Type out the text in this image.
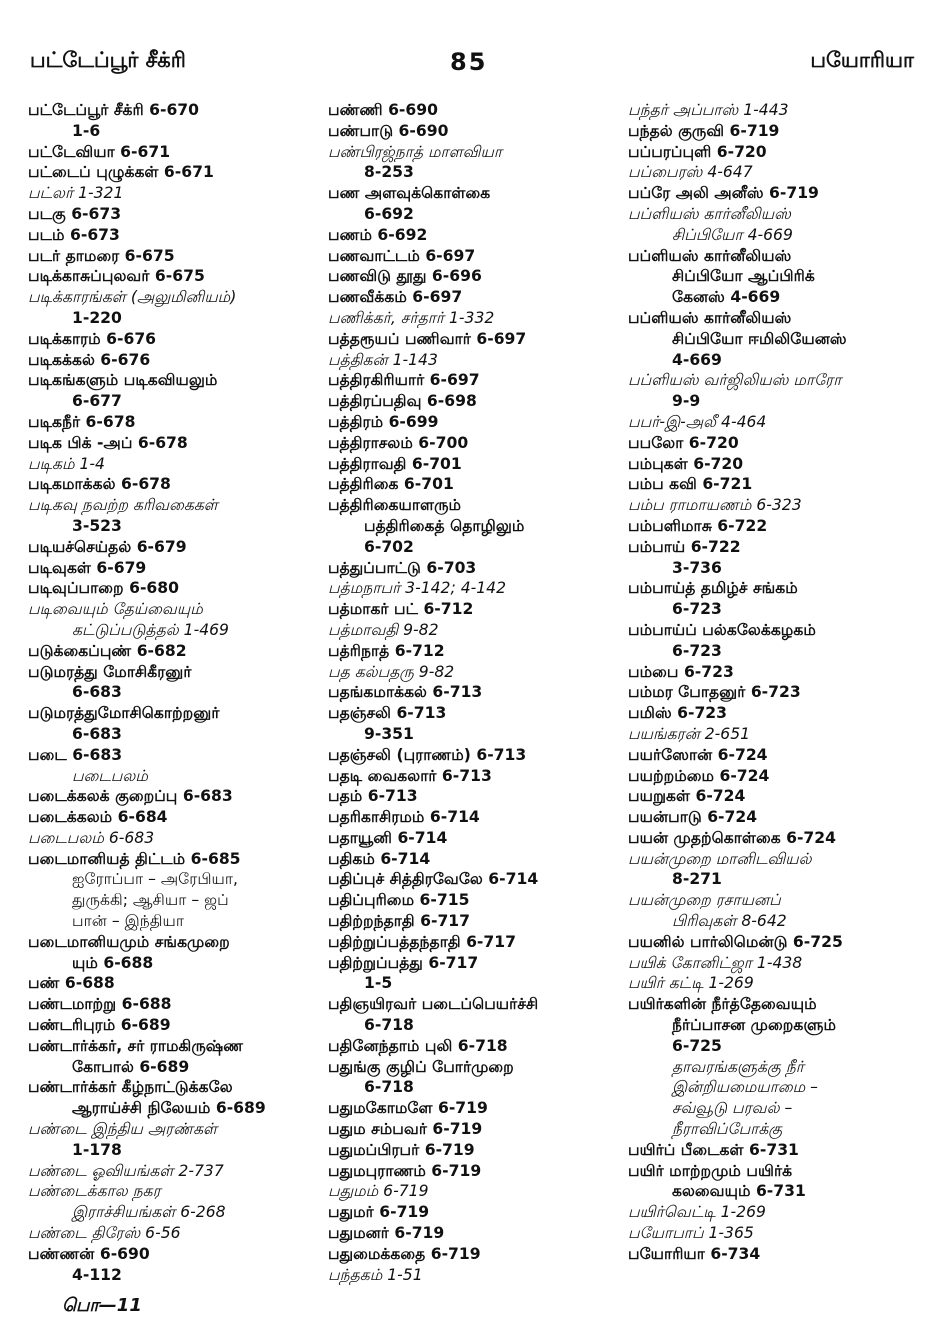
பட்டேப்பூர் சீக்ரி	85	பயோரியா
பட்டேப்பூர் சீக்ரி 6-670
1-6
பட்டேவியா 6-671
பட்டைப் புழுக்கள் 6-671
பட்லர் 1-321
படகு 6-673
படம் 6-673
படர் தாமரை 6-675
படிக்காசுப்புலவர் 6-675
படிக்காரங்கள் (அலுமினியம்)
1-220
படிக்காரம் 6-676
படிகக்கல் 6-676
படிகங்களும் படிகவியலும்
6-677
படிகநீர் 6-678
படிக பிக் -அப் 6-678
படிகம் 1-4
படிகமாக்கல் 6-678
படிகவு நவற்ற கரிவகைகள்
3-523
படியச்செய்தல் 6-679
படிவுகள் 6-679
படிவுப்பாறை 6-680
படிவையும் தேய்வையும்
கட்டுப்படுத்தல் 1-469
படுக்கைப்புண் 6-682
படுமரத்து மோசிகீரனுர்
6-683
படுமரத்துமோசிகொற்றனுர்
6-683
படை 6-683
படைபலம்
படைக்கலக் குறைப்பு 6-683
படைக்கலம் 6-684
படைபலம் 6-683
படைமானியத் திட்டம் 6-685
ஐரோப்பா – அரேபியா,
துருக்கி; ஆசியா – ஜப்
பான் – இந்தியா
படைமானியமும் சங்கமுறை
யும் 6-688
பண் 6-688
பண்டமாற்று 6-688
பண்டரிபுரம் 6-689
பண்டார்க்கர், சர் ராமகிருஷ்ண
கோபால் 6-689
பண்டார்க்கர் கீழ்நாட்டுக்கலே
ஆராய்ச்சி நிலேயம் 6-689
பண்டை இந்திய அரண்கள்
1-178
பண்டை ஓவியங்கள் 2-737
பண்டைக்கால நகர
இராச்சியங்கள் 6-268
பண்டை திரேஸ் 6-56
பண்ணன் 6-690
4-112
பண்ணி 6-690
பண்பாடு 6-690
பண்பிரஜ்நாத் மாளவியா
8-253
பண அளவுக்கொள்கை
6-692
பணம் 6-692
பணவாட்டம் 6-697
பணவிடு தூது 6-696
பணவீக்கம் 6-697
பணிக்கர், சர்தார் 1-332
பத்தரூயப் பணிவார் 6-697
பத்திகன் 1-143
பத்திரகிரியார் 6-697
பத்திரப்பதிவு 6-698
பத்திரம் 6-699
பத்திராசலம் 6-700
பத்திராவதி 6-701
பத்திரிகை 6-701
பத்திரிகையாளரும்
பத்திரிகைத் தொழிலும்
6-702
பத்துப்பாட்டு 6-703
பத்மநாபர் 3-142; 4-142
பத்மாகர் பட் 6-712
பத்மாவதி 9-82
பத்ரிநாத் 6-712
பத கல்பதரு 9-82
பதங்கமாக்கல் 6-713
பதஞ்சலி 6-713
9-351
பதஞ்சலி (புராணம்) 6-713
பதடி வைகலார் 6-713
பதம் 6-713
பதரிகாசிரமம் 6-714
பதாயூனி 6-714
பதிகம் 6-714
பதிப்புச் சித்திரவேலே 6-714
பதிப்புரிமை 6-715
பதிற்றந்தாதி 6-717
பதிற்றுப்பத்தந்தாதி 6-717
பதிற்றுப்பத்து 6-717
1-5
பதிஞயிரவர் படைப்பெயர்ச்சி
6-718
பதினேந்தாம் புலி 6-718
பதுங்கு குழிப் போர்முறை
6-718
பதுமகோமளே 6-719
பதும சம்பவர் 6-719
பதுமப்பிரபர் 6-719
பதுமபுராணம் 6-719
பதுமம் 6-719
பதுமர் 6-719
பதுமனர் 6-719
பதுமைக்கதை 6-719
பந்தகம் 1-51
பந்தர் அப்பாஸ் 1-443
பந்தல் குருவி 6-719
பப்பரப்புளி 6-720
பப்பைரஸ் 4-647
பப்ரே அலி அனீஸ் 6-719
பப்ளியஸ் கார்னீலியஸ்
சிப்பியோ 4-669
பப்ளியஸ் கார்னீலியஸ்
சிப்பியோ ஆப்பிரிக்
கேனஸ் 4-669
பப்ளியஸ் கார்னீலியஸ்
சிப்பியோ ஈமிலியேனஸ்
4-669
பப்ளியஸ் வர்ஜிலியஸ் மாரோ
9-9
பபர்-இ-அலீ 4-464
பபலோ 6-720
பம்புகள் 6-720
பம்ப கவி 6-721
பம்ப ராமாயணம் 6-323
பம்பளிமாசு 6-722
பம்பாய் 6-722
3-736
பம்பாய்த் தமிழ்ச் சங்கம்
6-723
பம்பாய்ப் பல்கலேக்கழகம்
6-723
பம்பை 6-723
பம்மர போதனுர் 6-723
பமிஸ் 6-723
பயங்கரன் 2-651
பயர்ஸோன் 6-724
பயற்றம்மை 6-724
பயறுகள் 6-724
பயன்பாடு 6-724
பயன் முதற்கொள்கை 6-724
பயன்முறை மானிடவியல்
8-271
பயன்முறை ரசாயனப்
பிரிவுகள் 8-642
பயனில் பார்லிமென்டு 6-725
பயிக் கோனிட்ஜா 1-438
பயிர் கட்டி 1-269
பயிர்களின் நீர்த்தேவையும்
நீர்ப்பாசன முறைகளும்
6-725
தாவரங்களுக்கு நீர்
இன்றியமையாமை –
சவ்வூடு பரவல் –
நீராவிப்போக்கு
பயிர்ப் பீடைகள் 6-731
பயிர் மாற்றமும் பயிர்க்
கலவையும் 6-731
பயிர்வெட்டி 1-269
பயோபாப் 1-365
பயோரியா 6-734
பொ—11
